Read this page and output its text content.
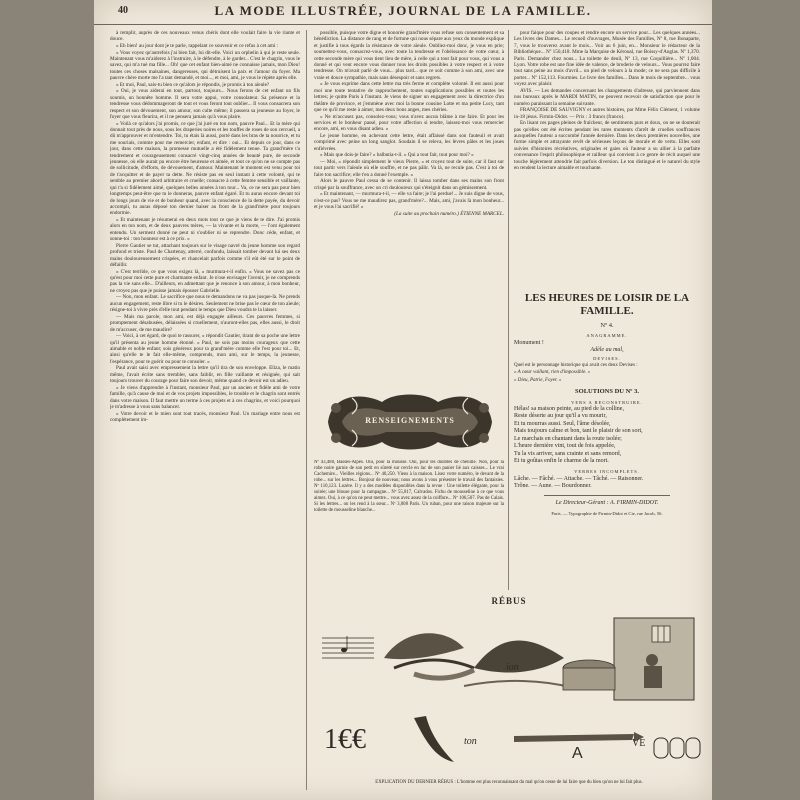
40	LA MODE ILLUSTRÉE, JOURNAL DE LA FAMILLE.

à remplir, auprès de ces nouveaux venus chéris dont elle voulait faire la vie riante et douce.

« Eh bien! au jour dont je te parle, rappelant ce souvenir et ce refus à cet ami :

« Vous voyez qu'autrefois j'ai bien fait, lui dit-elle. Voici un orphelin à qui je reste seule. Maintenant vous m'aiderez à l'instruire, à le défendre, à le garder... C'est le chagrin, vous le savez, qui m'a tué ma fille... Oh! que cet enfant bien-aimé ne connaisse jamais, mon Dieu! toutes ces choses malsaines, dangereuses, qui détruisent la paix et l'amour du foyer. Ma pauvre chère morte me l'a tant demandé, et moi..., et moi, ami, je vous le répète après elle.

« Et moi, Paul, sais-tu bien ce qu'alors je répondis, je promis à ton aïeule?

« Oui, je vous aiderai en tout, partout, toujours... Nous ferons de cet enfant un fils soumis, un honnête homme. Il sera votre appui, votre consolateur. Sa présence et la tendresse vous dédommageront de tout et vous feront tout oublier... Il vous consacrera son respect et son dévouement, son amour, son culte même; il passera sa jeunesse au foyer, le foyer que vous fleurira, et il ne pensera jamais qu'à vous plaire.

« Voilà ce qu'alors j'ai promis, ce que j'ai juré en ton nom, pauvre Paul... Et la mère qui donnait tout près de nous, sous les draperies noires et les touffes de roses de son cercueil, a dû m'approuver et m'entendre. Toi, tu étais là aussi, porté dans les bras de ta nourrice, et tu me souriais, comme pour me remercier, enfant, et dire : oui... Et depuis ce jour, dans ce jour, dans cette maison, la promesse mutuelle a été fidèlement tenue. Ta grand'mère t'a tendrement et courageusement consacré vingt-cinq années de beauté pure, de seconde jeunesse, où elle aurait pu encore être heureuse et aimée, et tout ce qu'on ne se compte pas de sollicitude, d'efforts, de dévouement, d'amour. Maintenant le moment est venu pour toi de t'acquitter et de payer ta dette. Ne résiste pas en seul instant à cette volonté, qui te semble au premier abord arbitraire et cruelle; consacre à cette femme sensible et vaillante, qui t'a si fidèlement aimé, quelques belles années à ton tour... Va, ce ne sera pas pour bien longtemps peut-être que tu le donneras, pauvre enfant égaré. Et tu auras encore devant toi de longs jours de vie et de bonheur quand, avec la conscience de la dette payée, du devoir accompli, tu auras déposé ton dernier baiser au front de la grand'mère pour toujours endormie.

« Et maintenant je résumerai en deux mots tout ce que je viens de te dire. J'ai promis alors en ton nom, et de deux pauvres mères, — la vivante et la morte, — l'ont également entendu. Un serment donné ne peut ni s'oublier ni se reprendre. Donc cède, enfant, et sonne-toi : ton honneur est à ce prix. »

Pierre Gautier se tut, attachant toujours sur le visage navré du jeune homme son regard profond et triste. Paul de Chartenay, atterré, confondu, laissait tomber devant lui ses deux mains douloureusement crispées, et chancelait parfois comme s'il eût été sur le point de défaillir.

« C'est terrible, ce que vous exigez là, » murmura-t-il enfin. « Vous ne savez pas ce qu'est pour moi cette pure et charmante enfant. Je n'ose envisager l'avenir, je ne comprends pas la vie sans elle... D'ailleurs, en admettant que je renonce à son amour, à mon bonheur, ne croyez pas que je puisse jamais épouser Gabrielle.

— Non, mon enfant. Le sacrifice que nous te demandons ne va pas jusque-là. Ne prends aucun engagement, reste libre si tu le désires. Seulement ne brise pas le cœur de ton aïeule; résigne-toi à vivre près d'elle tout pendant le temps que Dieu voudra te la laisser.

— Mais ma parole, mon ami, est déjà engagée ailleurs. Ces pauvres femmes, si promptement désabusées, délaissées si cruellement, n'auront-elles pas, elles aussi, le droit de m'accuser, de me maudire?

— Voici, à cet égard, de quoi te rassurer, » répondit Gautier, tirant de sa poche une lettre qu'il présenta au jeune homme étonné. « Paul, ne sois pas moins courageux que cette aimable et noble enfant; sois généreux pour ta grand'mère comme elle l'est pour toi... Et, ainsi qu'elle te le fait elle-même, comprends, mon ami, sur le temps, la jeunesse, l'espérance, pour te guérir ou pour te consoler. »

Paul avait saisi avec empressement la lettre qu'il tira de son enveloppe. Eliza, le matin même, l'avait écrite sans trembler, sans faiblir, en fille vaillante et résignée, qui sait toujours trouver du courage pour faire son devoir, même quand ce devoir est un adieu.

« Je viens d'apprendre à l'instant, monsieur Paul, par un ancien et fidèle ami de votre famille, qu'à cause de moi et de vos projets impossibles, le trouble et le chagrin sont entrés dans votre maison. Il faut mettre un terme à ces projets et à ces chagrins, et voici pourquoi je m'adresse à vous sans balancer.

« Votre devoir et le mien sont tout tracés, monsieur Paul. Un mariage entre nous est complètement im-

possible, puisque votre digne et honorée grand'mère vous refuse son consentement et sa bénédiction. La distance de rang et de fortune qui nous sépare aux yeux du monde explique et justifie à tous égards la résistance de votre aïeule. Oubliez-moi donc, je vous en prie; soumettez-vous, consacrez-vous, avec toute la tendresse et l'obéissance de votre cœur, à cette seconde mère qui vous tient lieu de mère, à celle qui a tout fait pour vous, qui vous a donné et qui veut encore vous donner tous les droits possibles à votre respect et à votre tendresse. On m'avait parlé de vous... plus tard... que ce soit comme à son ami, avec une vraie et douce sympathie, mais sans désespoir et sans regrets.

« Je vous exprime dans cette lettre ma très ferme et complète volonté. Il est aussi pour moi une toute tentative de rapprochement, toutes supplications possibles et toutes les lettres; je quitte Paris à l'instant. Je viens de signer un engagement avec la directrice d'un théâtre de province, et j'emmène avec moi la bonne cousine Lotte et ma petite Lucy, tant que ce qu'il me reste à aimer, mes deux bons anges, mes chéries.

« Ne m'accusez pas, consolez-vous; vous n'avez aucun blâme à me faire. Et pour les services et le bonheur passé, pour votre affection si tendre, laissez-moi vous remercier encore, ami, en vous disant adieu. »

Le jeune homme, en achevant cette lettre, était affaissé dans son fauteuil et avait comprimé avec peine un long sanglot. Soudain il se releva, les lèvres pâles et les joues enfiévrées.

« Mais que dois-je faire? » balbutia-t-il. « Qui a tout fait, tout pour moi? »

— Moi, » répondit simplement le vieux Pierre, « et croyez tout de suite, car il faut sur tout partir vers l'aïeule où elle souffre, et ne pas pâlir. Va là, ne recule pas. C'est à toi de faire ton sacrifice; elle t'en a donné l'exemple. »

Alors le pauvre Paul cessa de se contenir. Il laissa tomber dans ses mains son front crispé par la souffrance, avec un cri douloureux qui s'éteignit dans un gémissement.

« Et maintenant, — murmura-t-il, — elle va faire; je l'ai perdue!... Je suis digne de vous, n'est-ce pas? Vous ne me maudirez pas, grand'mère?... Mais, ami, j'avais là mon bonheur... et je vous l'ai sacrifié! »

(La suite au prochain numéro.) ÉTIENNE MARCEL.

RENSEIGNEMENTS
Nº 43,488, Basses-Alpes. Oui, pour la mousse. Oui, pour les doubles de chenille. Non, pour la robe noire garnie de son petit en sûreté sur cercle en lac de son panier lié aux caisses... Le vrai Cachemire... Vieilles régions... Nº 40,250. Viens à la maison. Lisez votre numéro, le devant de la robe... sur les lettres... Bonjour de nouveau; nous avons à vous présenter le travail des fantaisies. Nº 110,123. Lozère. Il y a des modèles disponibles dans la revue : Une toilette élégante, pour la soirée; une blouse pour la campagne... Nº 55,817, Calvados. Fichu de mousseline à ce que vous aimez. Oui, à ce qu'on ne peut mettre... vous avez assez de la coiffure... Nº 106,507. Pas de Calais. Si les lettres... on les rend à la sœur... Nº 3,008 Paris. Un ruban, pour une raison majeure sur la toilette de mousseline blanche...

pour faique pour des coupes et rendre encore un service pour... Les quelques années... Les livres des Dames... Le recueil d'ouvrages, Musée des Familles, Nº 8, rue Bonaparte, 7, vous le trouverez avant le mois... Voir au 6 juin, en... Monsieur le rédacteur de la Bibliothèque... Nº 150,418. Mme la Marquise de Kéroual, rue Boissy-d'Anglas. Nº 1,370. Paris. Demander chez nous... La toilette de deuil, Nº 13, rue Coquillière... Nº 1,004. Lyon. Votre robe est une fine idée de valence, de broderie de velours... Vous pourrez faire tout sans peine au mois d'avril... un pied de velours à la mode; ce ne sera pas difficile à porter... Nº 152,113. Fourmies. Le livre des familles... Dans le mois de septembre... vous voyez avec plaisir.

AVIS. — Les demandes concernant les changements d'adresse, qui parviennent dans nos bureaux après le MARDI MATIN, ne peuvent recevoir de satisfaction que pour le numéro paraissant la semaine suivante.

FRANÇOISE DE SAUVIGNY et autres histoires, par Mme Félix Clément, 1 volume in-18 jésus. Firmin-Didot. — Prix : 3 francs (franco).

En lisant ces pages pleines de fraîcheur, de sentiments purs et doux, on ne se douterait pas qu'elles ont été écrites pendant les rares moments d'arrêt de cruelles souffrances auxquelles l'auteur a succombé l'année dernière. Dans les deux premières nouvelles, une forme simple et attrayante revêt de sérieuses leçons de morale et de vertu. Elles sont suivies d'histoires récréatives, originales et gaies où l'auteur a su allier à la parfaite convenance l'esprit philosophique et railleur qui convient à ce genre de récit auquel une touche légèrement attendrie fait parfois diversion. Le ton distingué et le naturel du style en rendent la lecture aimable et touchante.

LES HEURES DE LOISIR DE LA FAMILLE.
Nº 4.
ANAGRAMME.

Monument !

Adèle au mal,

DEVISES.

Quel est le personnage historique qui avait ces deux Devises :

« A cœur vaillant, rien d'impossible. »

« Dieu, Patrie, Foyer. »

SOLUTIONS DU Nº 3.
VERS A RECONSTRUIRE.

Hélas! sa maison peinte, au pied de la colline,

Reste déserte au jour qu'il a vu mourir,

Et tu mourras aussi. Seul, l'âme désolée,

Mais toujours calme et bon, tant le plaisir de son sort,

Le marchais en chantant dans la route isolée;

L'heure dernière vint, tout de fois appelée,

Tu la vis arriver, sans crainte et sans remord,

Et tu goûtas enfin le charme de la mort.

VERBES INCOMPLETS.

Lâche. — Fâché. — Attache. — Tâché. — Raisonner.

Trône. — Aune. — Bourdonner.

Le Directeur-Gérant : A. FIRMIN-DIDOT.

Paris. — Typographie de Firmin-Didot et Cie, rue Jacob, 56.
RÉBUS
1€€	A
ion
ton	VE
EXPLICATION DU DERNIER RÉBUS : L'homme est plus reconnaissant du mal qu'on cesse de lui faire que du bien qu'on ne lui fait plus.
